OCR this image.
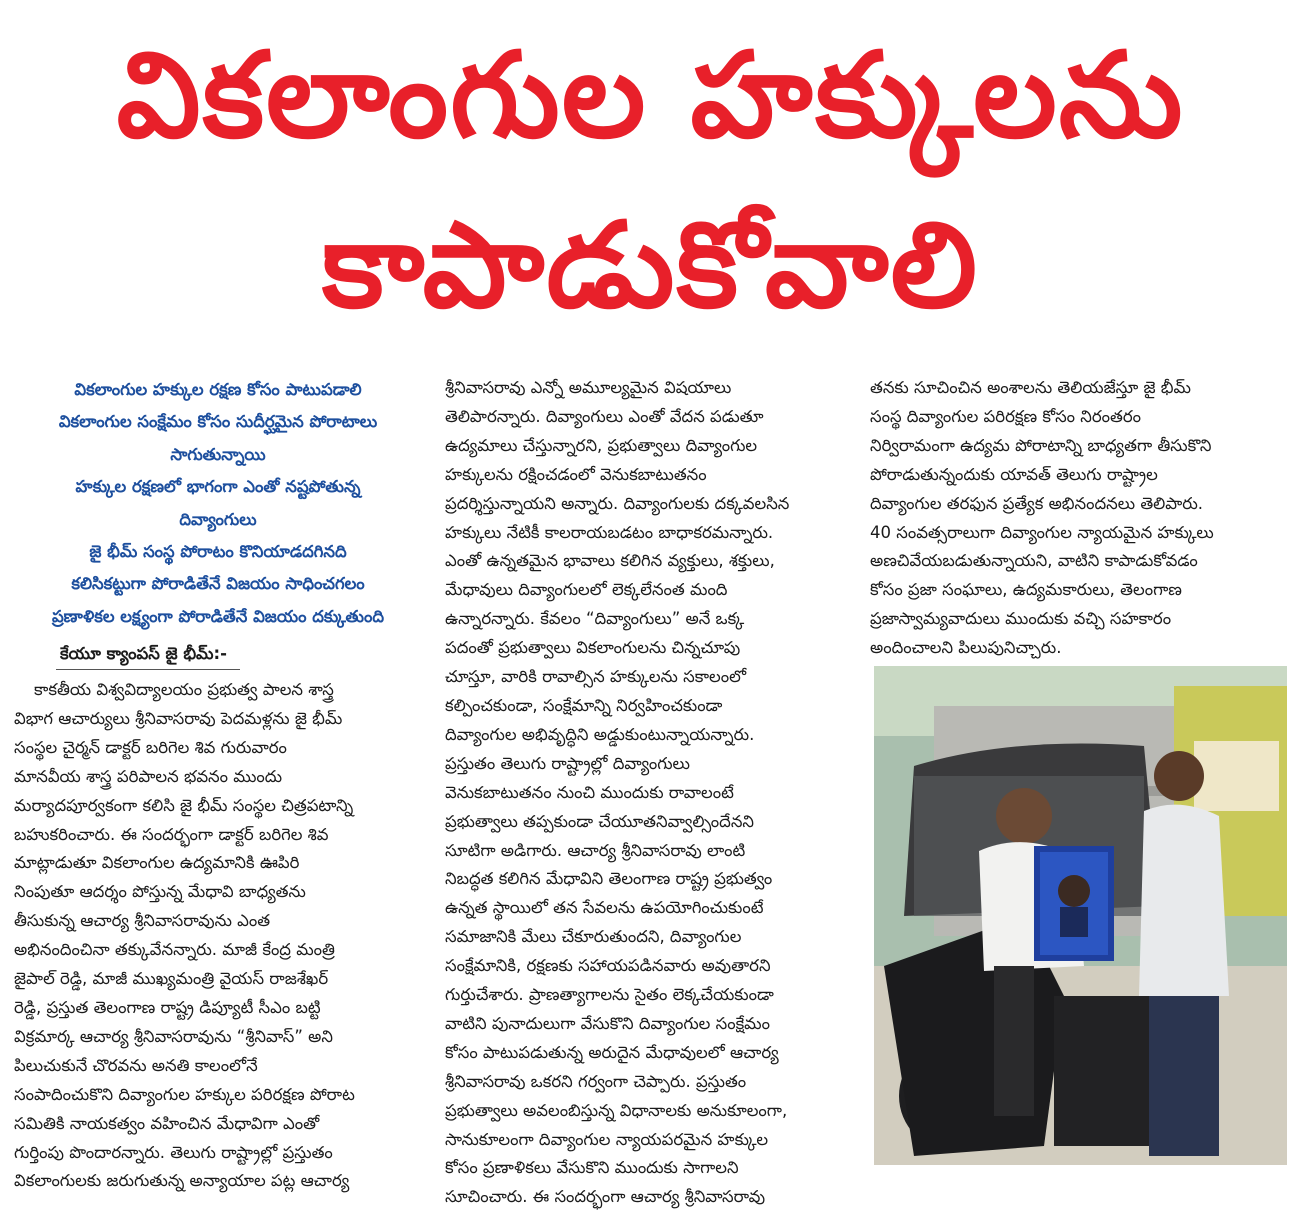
వికలాంగుల హక్కులను
కాపాడుకోవాలి

వికలాంగుల హక్కుల రక్షణ కోసం పాటుపడాలి

వికలాంగుల సంక్షేమం కోసం సుదీర్ఘమైన పోరాటాలు

సాగుతున్నాయి

హక్కుల రక్షణలో భాగంగా ఎంతో నష్టపోతున్న

దివ్యాంగులు

జై భీమ్ సంస్థ పోరాటం కొనియాడదగినది

కలిసికట్టుగా పోరాడితేనే విజయం సాధించగలం

ప్రణాళికల లక్ష్యంగా పోరాడితేనే విజయం దక్కుతుంది

కేయూ క్యాంపస్ జై భీమ్:-

కాకతీయ విశ్వవిద్యాలయం ప్రభుత్వ పాలన శాస్త్ర

విభాగ ఆచార్యులు శ్రీనివాసరావు పెదమళ్లను జై భీమ్

సంస్థల చైర్మన్ డాక్టర్ బరిగెల శివ గురువారం

మానవీయ శాస్త్ర పరిపాలన భవనం ముందు

మర్యాదపూర్వకంగా కలిసి జై భీమ్ సంస్థల చిత్రపటాన్ని

బహుకరించారు. ఈ సందర్భంగా డాక్టర్ బరిగెల శివ

మాట్లాడుతూ వికలాంగుల ఉద్యమానికి ఊపిరి

నింపుతూ ఆదర్శం పోస్తున్న మేధావి బాధ్యతను

తీసుకున్న ఆచార్య శ్రీనివాసరావును ఎంత

అభినందించినా తక్కువేనన్నారు. మాజీ కేంద్ర మంత్రి

జైపాల్ రెడ్డి, మాజీ ముఖ్యమంత్రి వైయస్ రాజశేఖర్

రెడ్డి, ప్రస్తుత తెలంగాణ రాష్ట్ర డిప్యూటీ సీఎం బట్టి

విక్రమార్క ఆచార్య శ్రీనివాసరావును “శ్రీనివాస్” అని

పిలుచుకునే చొరవను అనతి కాలంలోనే

సంపాదించుకొని దివ్యాంగుల హక్కుల పరిరక్షణ పోరాట

సమితికి నాయకత్వం వహించిన మేధావిగా ఎంతో

గుర్తింపు పొందారన్నారు. తెలుగు రాష్ట్రాల్లో ప్రస్తుతం

వికలాంగులకు జరుగుతున్న అన్యాయాల పట్ల ఆచార్య

శ్రీనివాసరావు ఎన్నో అమూల్యమైన విషయాలు

తెలిపారన్నారు. దివ్యాంగులు ఎంతో వేదన పడుతూ

ఉద్యమాలు చేస్తున్నారని, ప్రభుత్వాలు దివ్యాంగుల

హక్కులను రక్షించడంలో వెనుకబాటుతనం

ప్రదర్శిస్తున్నాయని అన్నారు. దివ్యాంగులకు దక్కవలసిన

హక్కులు నేటికీ కాలరాయబడటం బాధాకరమన్నారు.

ఎంతో ఉన్నతమైన భావాలు కలిగిన వ్యక్తులు, శక్తులు,

మేధావులు దివ్యాంగులలో లెక్కలేనంత మంది

ఉన్నారన్నారు. కేవలం “దివ్యాంగులు” అనే ఒక్క

పదంతో ప్రభుత్వాలు వికలాంగులను చిన్నచూపు

చూస్తూ, వారికి రావాల్సిన హక్కులను సకాలంలో

కల్పించకుండా, సంక్షేమాన్ని నిర్వహించకుండా

దివ్యాంగుల అభివృద్ధిని అడ్డుకుంటున్నాయన్నారు.

ప్రస్తుతం తెలుగు రాష్ట్రాల్లో దివ్యాంగులు

వెనుకబాటుతనం నుంచి ముందుకు రావాలంటే

ప్రభుత్వాలు తప్పకుండా చేయూతనివ్వాల్సిందేనని

సూటిగా అడిగారు. ఆచార్య శ్రీనివాసరావు లాంటి

నిబద్ధత కలిగిన మేధావిని తెలంగాణ రాష్ట్ర ప్రభుత్వం

ఉన్నత స్థాయిలో తన సేవలను ఉపయోగించుకుంటే

సమాజానికి మేలు చేకూరుతుందని, దివ్యాంగుల

సంక్షేమానికి, రక్షణకు సహాయపడినవారు అవుతారని

గుర్తుచేశారు. ప్రాణత్యాగాలను సైతం లెక్కచేయకుండా

వాటిని పునాదులుగా వేసుకొని దివ్యాంగుల సంక్షేమం

కోసం పాటుపడుతున్న అరుదైన మేధావులలో ఆచార్య

శ్రీనివాసరావు ఒకరని గర్వంగా చెప్పారు. ప్రస్తుతం

ప్రభుత్వాలు అవలంబిస్తున్న విధానాలకు అనుకూలంగా,

సానుకూలంగా దివ్యాంగుల న్యాయపరమైన హక్కుల

కోసం ప్రణాళికలు వేసుకొని ముందుకు సాగాలని

సూచించారు. ఈ సందర్భంగా ఆచార్య శ్రీనివాసరావు

తనకు సూచించిన అంశాలను తెలియజేస్తూ జై భీమ్

సంస్థ దివ్యాంగుల పరిరక్షణ కోసం నిరంతరం

నిర్విరామంగా ఉద్యమ పోరాటాన్ని బాధ్యతగా తీసుకొని

పోరాడుతున్నందుకు యావత్ తెలుగు రాష్ట్రాల

దివ్యాంగుల తరఫున ప్రత్యేక అభినందనలు తెలిపారు.

40 సంవత్సరాలుగా దివ్యాంగుల న్యాయమైన హక్కులు

అణచివేయబడుతున్నాయని, వాటిని కాపాడుకోవడం

కోసం ప్రజా సంఘాలు, ఉద్యమకారులు, తెలంగాణ

ప్రజాస్వామ్యవాదులు ముందుకు వచ్చి సహకారం

అందించాలని పిలుపునిచ్చారు.
